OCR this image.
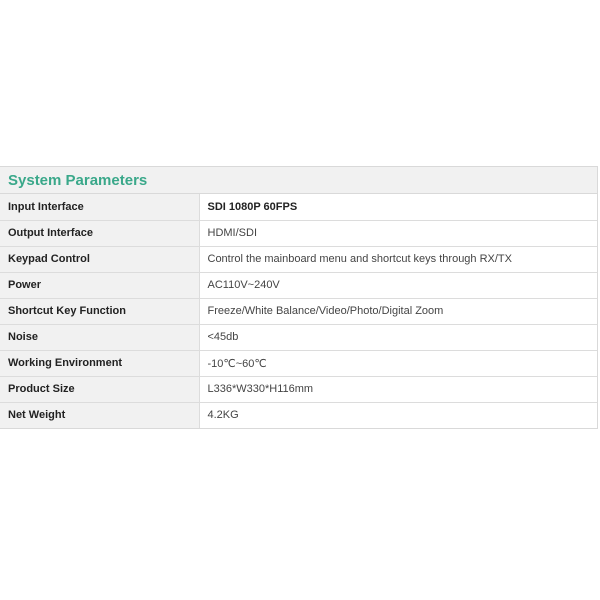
System Parameters
Input Interface	SDI 1080P 60FPS
Output Interface	HDMI/SDI
Keypad Control	Control the mainboard menu and shortcut keys through RX/TX
Power	AC110V~240V
Shortcut Key Function	Freeze/White Balance/Video/Photo/Digital Zoom
Noise	<45db
Working Environment	-10℃~60℃
Product Size	L336*W330*H116mm
Net Weight	4.2KG
